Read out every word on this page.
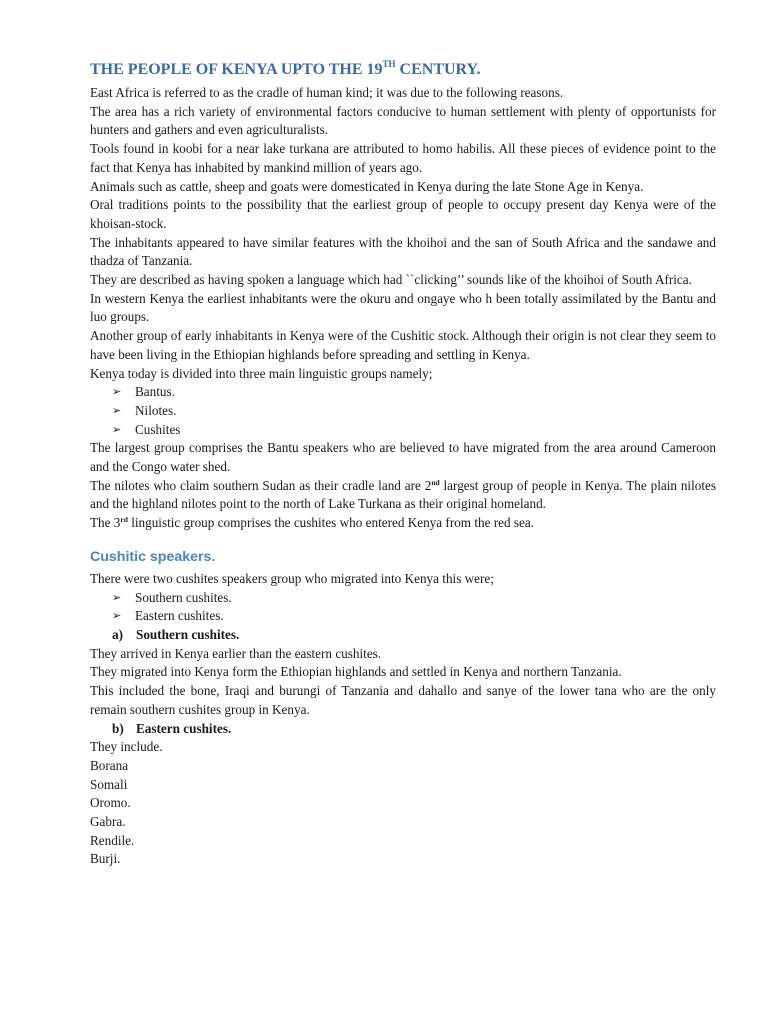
THE PEOPLE OF KENYA UPTO THE 19TH CENTURY.

East Africa is referred to as the cradle of human kind; it was due to the following reasons.

The area has a rich variety of environmental factors conducive to human settlement with plenty of opportunists for hunters and gathers and even agriculturalists.

Tools found in koobi for a near lake turkana are attributed to homo habilis. All these pieces of evidence point to the fact that Kenya has inhabited by mankind million of years ago.

Animals such as cattle, sheep and goats were domesticated in Kenya during the late Stone Age in Kenya.

Oral traditions points to the possibility that the earliest group of people to occupy present day Kenya were of the khoisan-stock.

The inhabitants appeared to have similar features with the khoihoi and the san of South Africa and the sandawe and thadza of Tanzania.

They are described as having spoken a language which had ``clicking’’ sounds like of the khoihoi of South Africa.

In western Kenya the earliest inhabitants were the okuru and ongaye who h been totally assimilated by the Bantu and luo groups.

Another group of early inhabitants in Kenya were of the Cushitic stock. Although their origin is not clear they seem to have been living in the Ethiopian highlands before spreading and settling in Kenya.

Kenya today is divided into three main linguistic groups namely;

➢ Bantus.
➢ Nilotes.
➢ Cushites

The largest group comprises the Bantu speakers who are believed to have migrated from the area around Cameroon and the Congo water shed.

The nilotes who claim southern Sudan as their cradle land are 2nd largest group of people in Kenya. The plain nilotes and the highland nilotes point to the north of Lake Turkana as their original homeland.

The 3rd linguistic group comprises the cushites who entered Kenya from the red sea.

Cushitic speakers.

There were two cushites speakers group who migrated into Kenya this were;

➢ Southern cushites.
➢ Eastern cushites.
a) Southern cushites.

They arrived in Kenya earlier than the eastern cushites.

They migrated into Kenya form the Ethiopian highlands and settled in Kenya and northern Tanzania.

This included the bone, Iraqi and burungi of Tanzania and dahallo and sanye of the lower tana who are the only remain southern cushites group in Kenya.

b) Eastern cushites.

They include.

Borana

Somali

Oromo.

Gabra.

Rendile.

Burji.
